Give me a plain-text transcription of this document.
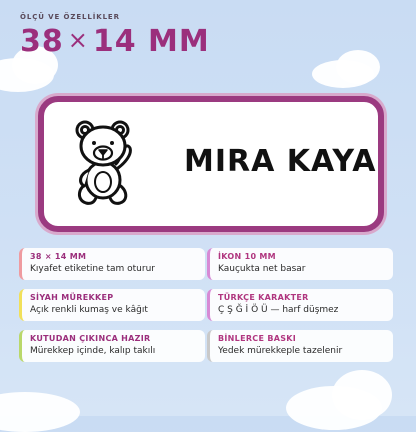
ÖLÇÜ VE ÖZELLİKLER
38 × 14 MM
MIRA KAYA
38 × 14 MM
Kıyafet etiketine tam oturur
İKON 10 MM
Kauçukta net basar
SİYAH MÜREKKEP
Açık renkli kumaş ve kâğıt
TÜRKÇE KARAKTER
Ç Ş Ğ İ Ö Ü — harf düşmez
KUTUDAN ÇIKINCA HAZIR
Mürekkep içinde, kalıp takılı
BİNLERCE BASKI
Yedek mürekkeple tazelenir
